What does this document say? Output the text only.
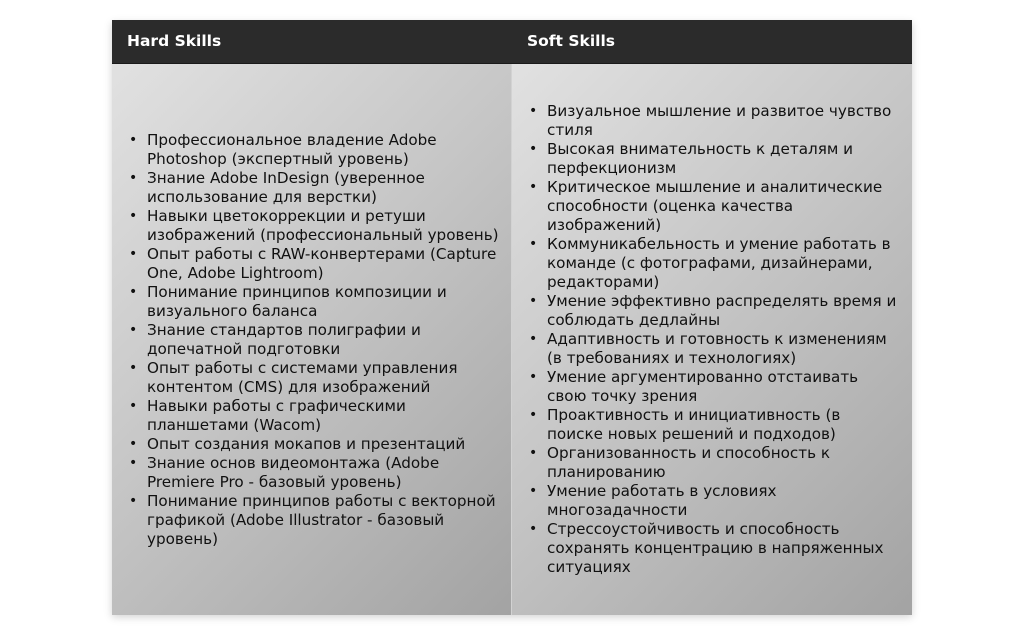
Hard Skills	Soft Skills
• Профессиональное владение Adobe Photoshop (экспертный уровень)
• Знание Adobe InDesign (уверенное использование для верстки)
• Навыки цветокоррекции и ретуши изображений (профессиональный уровень)
• Опыт работы с RAW-конвертерами (Capture One, Adobe Lightroom)
• Понимание принципов композиции и визуального баланса
• Знание стандартов полиграфии и допечатной подготовки
• Опыт работы с системами управления контентом (CMS) для изображений
• Навыки работы с графическими планшетами (Wacom)
• Опыт создания мокапов и презентаций
• Знание основ видеомонтажа (Adobe Premiere Pro - базовый уровень)
• Понимание принципов работы с векторной графикой (Adobe Illustrator - базовый уровень)
• Визуальное мышление и развитое чувство стиля
• Высокая внимательность к деталям и перфекционизм
• Критическое мышление и аналитические способности (оценка качества изображений)
• Коммуникабельность и умение работать в команде (с фотографами, дизайнерами, редакторами)
• Умение эффективно распределять время и соблюдать дедлайны
• Адаптивность и готовность к изменениям (в требованиях и технологиях)
• Умение аргументированно отстаивать свою точку зрения
• Проактивность и инициативность (в поиске новых решений и подходов)
• Организованность и способность к планированию
• Умение работать в условиях многозадачности
• Стрессоустойчивость и способность сохранять концентрацию в напряженных ситуациях
